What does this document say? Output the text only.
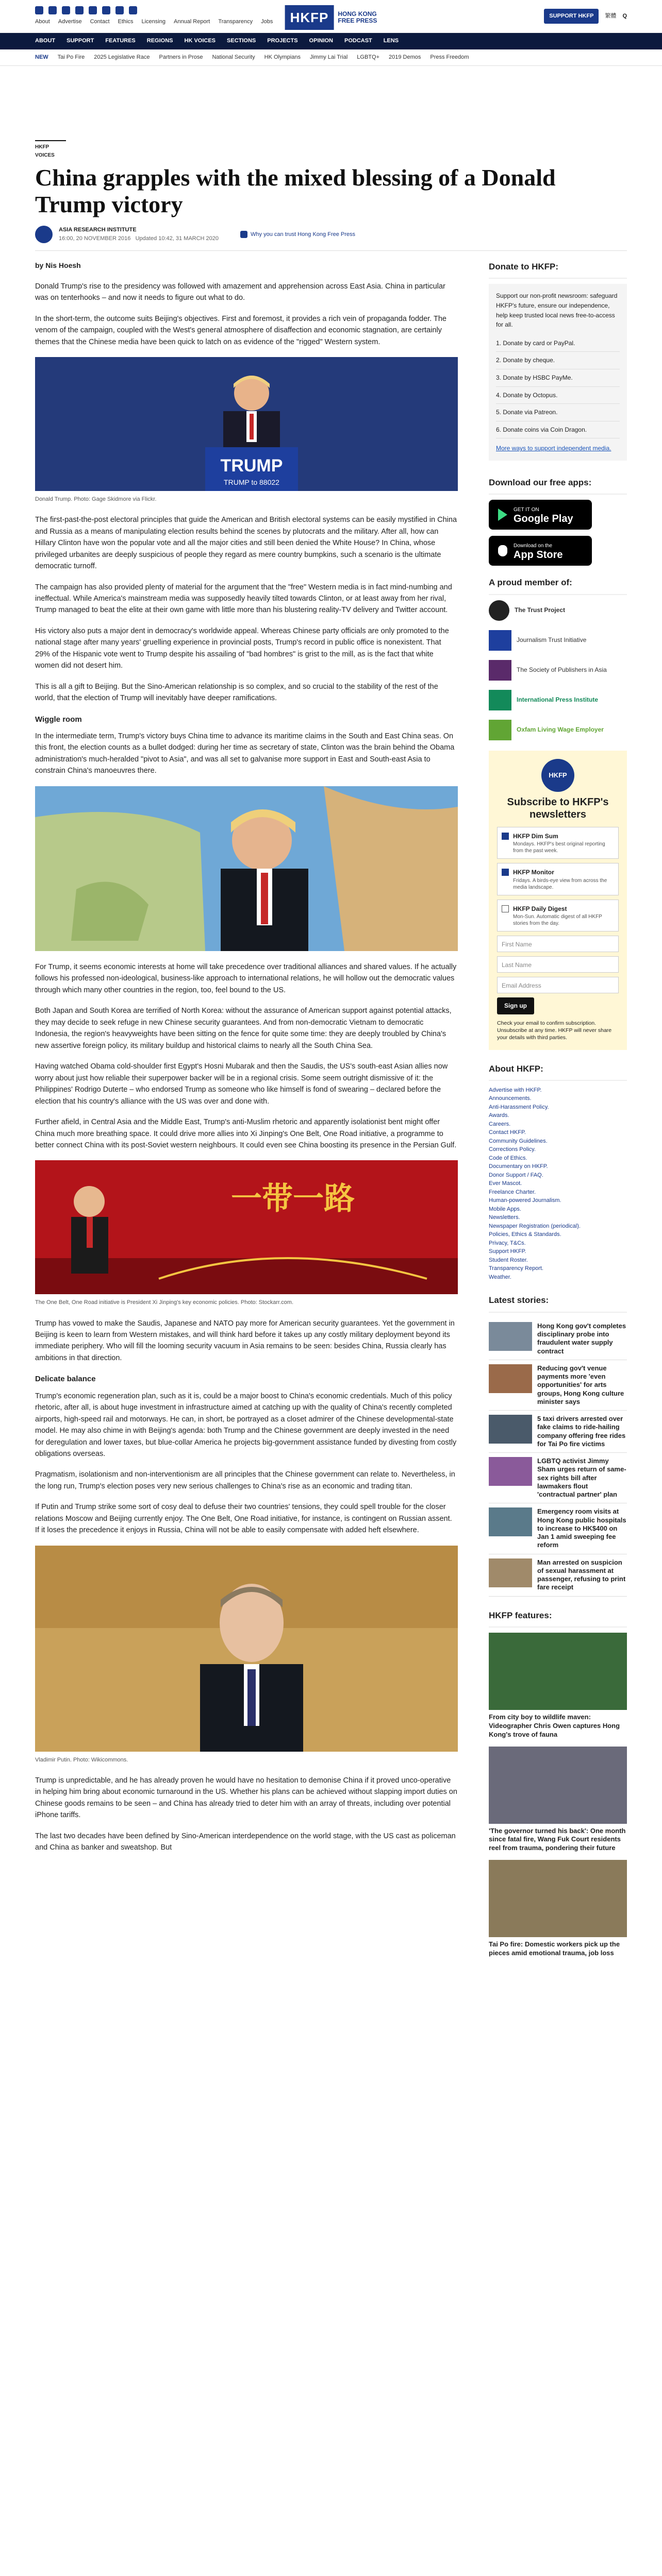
About Advertise Contact Ethics Licensing Annual Report Transparency Jobs	HKFP	HONG KONG
FREE PRESS
SUPPORT HKFP	繁體 Q
ABOUT SUPPORT FEATURES REGIONS HK VOICES SECTIONS PROJECTS OPINION PODCAST LENS
NEW Tai Po Fire 2025 Legislative Race Partners in Prose National Security HK Olympians Jimmy Lai Trial LGBTQ+ 2019 Demos Press Freedom
HKFP VOICES
China grapples with the mixed blessing of a Donald Trump victory
ASIA RESEARCH INSTITUTE
16:00, 20 NOVEMBER 2016 Updated 10:42, 31 MARCH 2020
Why you can trust Hong Kong Free Press
by Nis Hoesh

Donald Trump's rise to the presidency was followed with amazement and apprehension across East Asia. China in particular was on tenterhooks – and now it needs to figure out what to do.

In the short-term, the outcome suits Beijing's objectives. First and foremost, it provides a rich vein of propaganda fodder. The venom of the campaign, coupled with the West's general atmosphere of disaffection and economic stagnation, are certainly themes that the Chinese media have been quick to latch on as evidence of the "rigged" Western system.

TRUMP
TRUMP to 88022
Donald Trump. Photo: Gage Skidmore via Flickr.

The first-past-the-post electoral principles that guide the American and British electoral systems can be easily mystified in China and Russia as a means of manipulating election results behind the scenes by plutocrats and the military. After all, how can Hillary Clinton have won the popular vote and all the major cities and still been denied the White House? In China, whose privileged urbanites are deeply suspicious of people they regard as mere country bumpkins, such a scenario is the ultimate democratic turnoff.

The campaign has also provided plenty of material for the argument that the "free" Western media is in fact mind-numbing and ineffectual. While America's mainstream media was supposedly heavily tilted towards Clinton, or at least away from her rival, Trump managed to beat the elite at their own game with little more than his blustering reality-TV delivery and Twitter account.

His victory also puts a major dent in democracy's worldwide appeal. Whereas Chinese party officials are only promoted to the national stage after many years' gruelling experience in provincial posts, Trump's record in public office is nonexistent. That 29% of the Hispanic vote went to Trump despite his assailing of "bad hombres" is grist to the mill, as is the fact that white women did not desert him.

This is all a gift to Beijing. But the Sino-American relationship is so complex, and so crucial to the stability of the rest of the world, that the election of Trump will inevitably have deeper ramifications.

Wiggle room

In the intermediate term, Trump's victory buys China time to advance its maritime claims in the South and East China seas. On this front, the election counts as a bullet dodged: during her time as secretary of state, Clinton was the brain behind the Obama administration's much-heralded "pivot to Asia", and was all set to galvanise more support in East and South-east Asia to constrain China's manoeuvres there.

For Trump, it seems economic interests at home will take precedence over traditional alliances and shared values. If he actually follows his professed non-ideological, business-like approach to international relations, he will hollow out the democratic values through which many other countries in the region, too, feel bound to the US.

Both Japan and South Korea are terrified of North Korea: without the assurance of American support against potential attacks, they may decide to seek refuge in new Chinese security guarantees. And from non-democratic Vietnam to democratic Indonesia, the region's heavyweights have been sitting on the fence for quite some time: they are deeply troubled by China's new assertive foreign policy, its military buildup and historical claims to nearly all the South China Sea.

Having watched Obama cold-shoulder first Egypt's Hosni Mubarak and then the Saudis, the US's south-east Asian allies now worry about just how reliable their superpower backer will be in a regional crisis. Some seem outright dismissive of it: the Philippines' Rodrigo Duterte – who endorsed Trump as someone who like himself is fond of swearing – declared before the election that his country's alliance with the US was over and done with.

Further afield, in Central Asia and the Middle East, Trump's anti-Muslim rhetoric and apparently isolationist bent might offer China much more breathing space. It could drive more allies into Xi Jinping's One Belt, One Road initiative, a programme to better connect China with its post-Soviet western neighbours. It could even see China boosting its presence in the Persian Gulf.

一带一路
The One Belt, One Road initiative is President Xi Jinping's key economic policies. Photo: Stockarr.com.

Trump has vowed to make the Saudis, Japanese and NATO pay more for American security guarantees. Yet the government in Beijing is keen to learn from Western mistakes, and will think hard before it takes up any costly military deployment beyond its immediate periphery. Who will fill the looming security vacuum in Asia remains to be seen: besides China, Russia clearly has ambitions in that direction.

Delicate balance

Trump's economic regeneration plan, such as it is, could be a major boost to China's economic credentials. Much of this policy rhetoric, after all, is about huge investment in infrastructure aimed at catching up with the quality of China's recently completed airports, high-speed rail and motorways. He can, in short, be portrayed as a closet admirer of the Chinese developmental-state model. He may also chime in with Beijing's agenda: both Trump and the Chinese government are deeply invested in the need for deregulation and lower taxes, but blue-collar America he projects big-government assistance funded by divesting from costly obligations overseas.

Pragmatism, isolationism and non-interventionism are all principles that the Chinese government can relate to. Nevertheless, in the long run, Trump's election poses very new serious challenges to China's rise as an economic and trading titan.

If Putin and Trump strike some sort of cosy deal to defuse their two countries' tensions, they could spell trouble for the closer relations Moscow and Beijing currently enjoy. The One Belt, One Road initiative, for instance, is contingent on Russian assent. If it loses the precedence it enjoys in Russia, China will not be able to easily compensate with added heft elsewhere.

Vladimir Putin. Photo: Wikicommons.

Trump is unpredictable, and he has already proven he would have no hesitation to demonise China if it proved unco-operative in helping him bring about economic turnaround in the US. Whether his plans can be achieved without slapping import duties on Chinese goods remains to be seen – and China has already tried to deter him with an array of threats, including over potential iPhone tariffs.

The last two decades have been defined by Sino-American interdependence on the world stage, with the US cast as policeman and China as banker and sweatshop. But

Donate to HKFP:

Support our non-profit newsroom: safeguard HKFP's future, ensure our independence, help keep trusted local news free-to-access for all.

1. Donate by card or PayPal.
2. Donate by cheque.
3. Donate by HSBC PayMe.
4. Donate by Octopus.
5. Donate via Patreon.
6. Donate coins via Coin Dragon.
More ways to support independent media.
Download our free apps:
GET IT ON
Google Play
Download on the
App Store
A proud member of:
The Trust Project
Journalism Trust Initiative
The Society of Publishers in Asia
International Press Institute
Oxfam Living Wage Employer
HKFP
Subscribe to HKFP's newsletters
HKFP Dim Sum
Mondays. HKFP's best original reporting from the past week.
HKFP Monitor
Fridays. A birds-eye view from across the media landscape.
HKFP Daily Digest
Mon-Sun. Automatic digest of all HKFP stories from the day.
First Name
Last Name
Email Address
Sign up

Check your email to confirm subscription. Unsubscribe at any time. HKFP will never share your details with third parties.

About HKFP:
Advertise with HKFP.
Announcements.
Anti-Harassment Policy.
Awards.
Careers.
Contact HKFP.
Community Guidelines.
Corrections Policy.
Code of Ethics.
Documentary on HKFP.
Donor Support / FAQ.
Ever Mascot.
Freelance Charter.
Human-powered Journalism.
Mobile Apps.
Newsletters.
Newspaper Registration (periodical).
Policies, Ethics & Standards.
Privacy, T&Cs.
Support HKFP.
Student Roster.
Transparency Report.
Weather.
Latest stories:
Hong Kong gov't completes disciplinary probe into fraudulent water supply contract
Reducing gov't venue payments more 'even opportunities' for arts groups, Hong Kong culture minister says
5 taxi drivers arrested over fake claims to ride-hailing company offering free rides for Tai Po fire victims
LGBTQ activist Jimmy Sham urges return of same-sex rights bill after lawmakers flout 'contractual partner' plan
Emergency room visits at Hong Kong public hospitals to increase to HK$400 on Jan 1 amid sweeping fee reform
Man arrested on suspicion of sexual harassment at passenger, refusing to print fare receipt
HKFP features:
From city boy to wildlife maven: Videographer Chris Owen captures Hong Kong's trove of fauna
'The governor turned his back': One month since fatal fire, Wang Fuk Court residents reel from trauma, pondering their future
Tai Po fire: Domestic workers pick up the pieces amid emotional trauma, job loss
